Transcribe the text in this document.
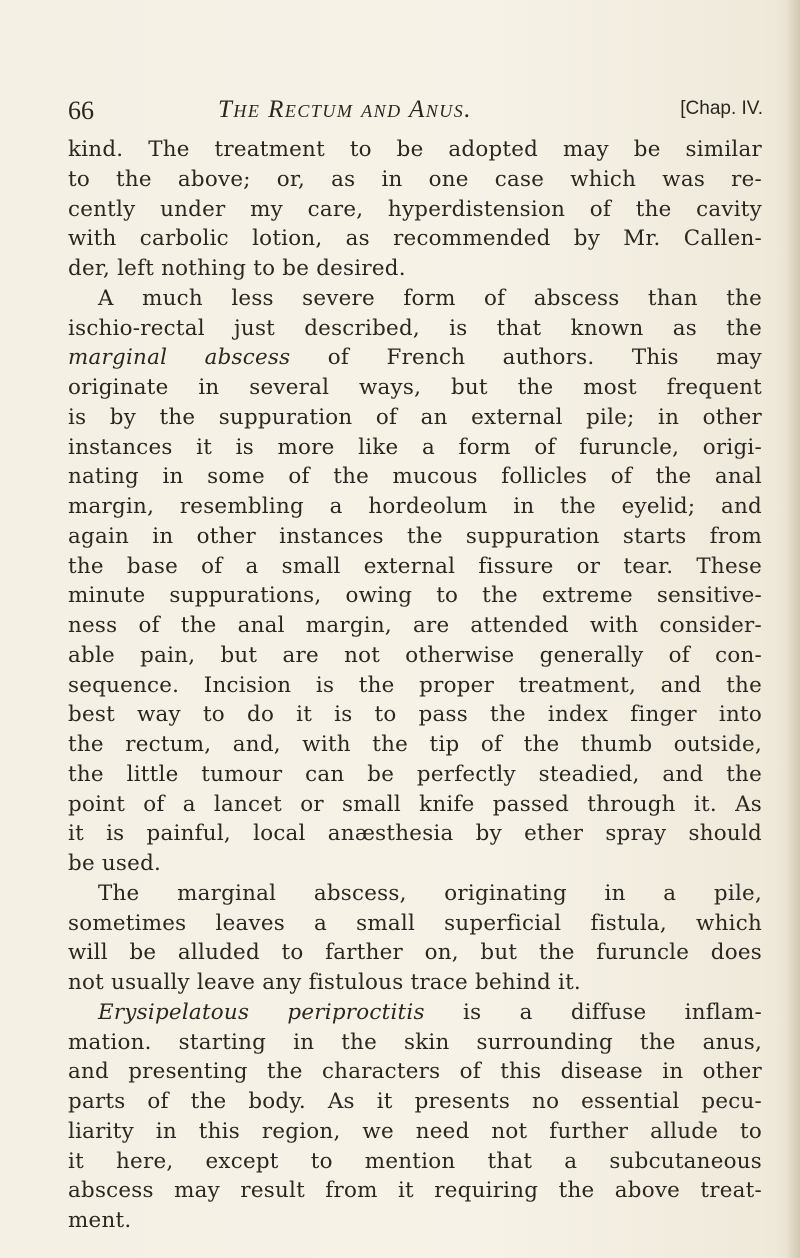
66	The Rectum and Anus.	[Chap. IV.
kind. The treatment to be adopted may be similar
to the above; or, as in one case which was re-
cently under my care, hyperdistension of the cavity
with carbolic lotion, as recommended by Mr. Callen-
der, left nothing to be desired.
A much less severe form of abscess than the
ischio-rectal just described, is that known as the
marginal abscess of French authors. This may
originate in several ways, but the most frequent
is by the suppuration of an external pile; in other
instances it is more like a form of furuncle, origi-
nating in some of the mucous follicles of the anal
margin, resembling a hordeolum in the eyelid; and
again in other instances the suppuration starts from
the base of a small external fissure or tear. These
minute suppurations, owing to the extreme sensitive-
ness of the anal margin, are attended with consider-
able pain, but are not otherwise generally of con-
sequence. Incision is the proper treatment, and the
best way to do it is to pass the index finger into
the rectum, and, with the tip of the thumb outside,
the little tumour can be perfectly steadied, and the
point of a lancet or small knife passed through it. As
it is painful, local anæsthesia by ether spray should
be used.
The marginal abscess, originating in a pile,
sometimes leaves a small superficial fistula, which
will be alluded to farther on, but the furuncle does
not usually leave any fistulous trace behind it.
Erysipelatous periproctitis is a diffuse inflam-
mation. starting in the skin surrounding the anus,
and presenting the characters of this disease in other
parts of the body. As it presents no essential pecu-
liarity in this region, we need not further allude to
it here, except to mention that a subcutaneous
abscess may result from it requiring the above treat-
ment.
